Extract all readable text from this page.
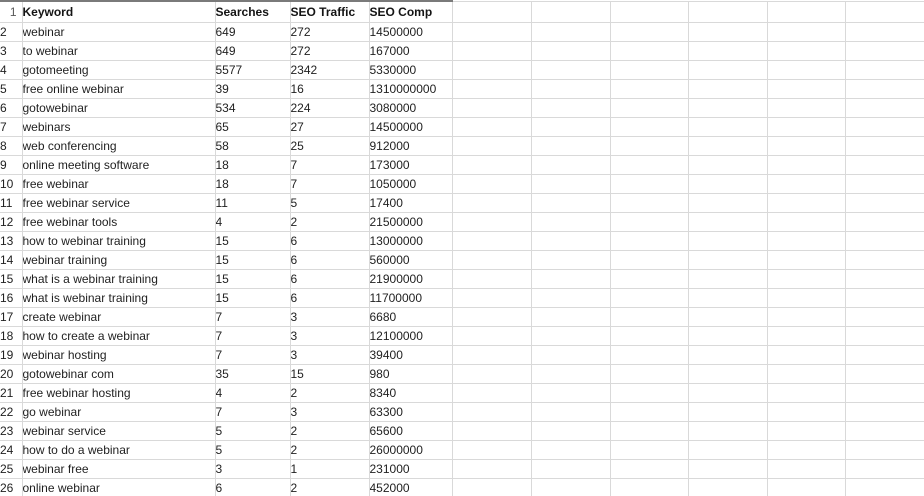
1	Keyword	Searches	SEO Traffic	SEO Comp						
2	webinar	649	272	14500000						
3	to webinar	649	272	167000						
4	gotomeeting	5577	2342	5330000						
5	free online webinar	39	16	1310000000						
6	gotowebinar	534	224	3080000						
7	webinars	65	27	14500000						
8	web conferencing	58	25	912000						
9	online meeting software	18	7	173000						
10	free webinar	18	7	1050000						
11	free webinar service	11	5	17400						
12	free webinar tools	4	2	21500000						
13	how to webinar training	15	6	13000000						
14	webinar training	15	6	560000						
15	what is a webinar training	15	6	21900000						
16	what is webinar training	15	6	11700000						
17	create webinar	7	3	6680						
18	how to create a webinar	7	3	12100000						
19	webinar hosting	7	3	39400						
20	gotowebinar com	35	15	980						
21	free webinar hosting	4	2	8340						
22	go webinar	7	3	63300						
23	webinar service	5	2	65600						
24	how to do a webinar	5	2	26000000						
25	webinar free	3	1	231000						
26	online webinar	6	2	452000						
